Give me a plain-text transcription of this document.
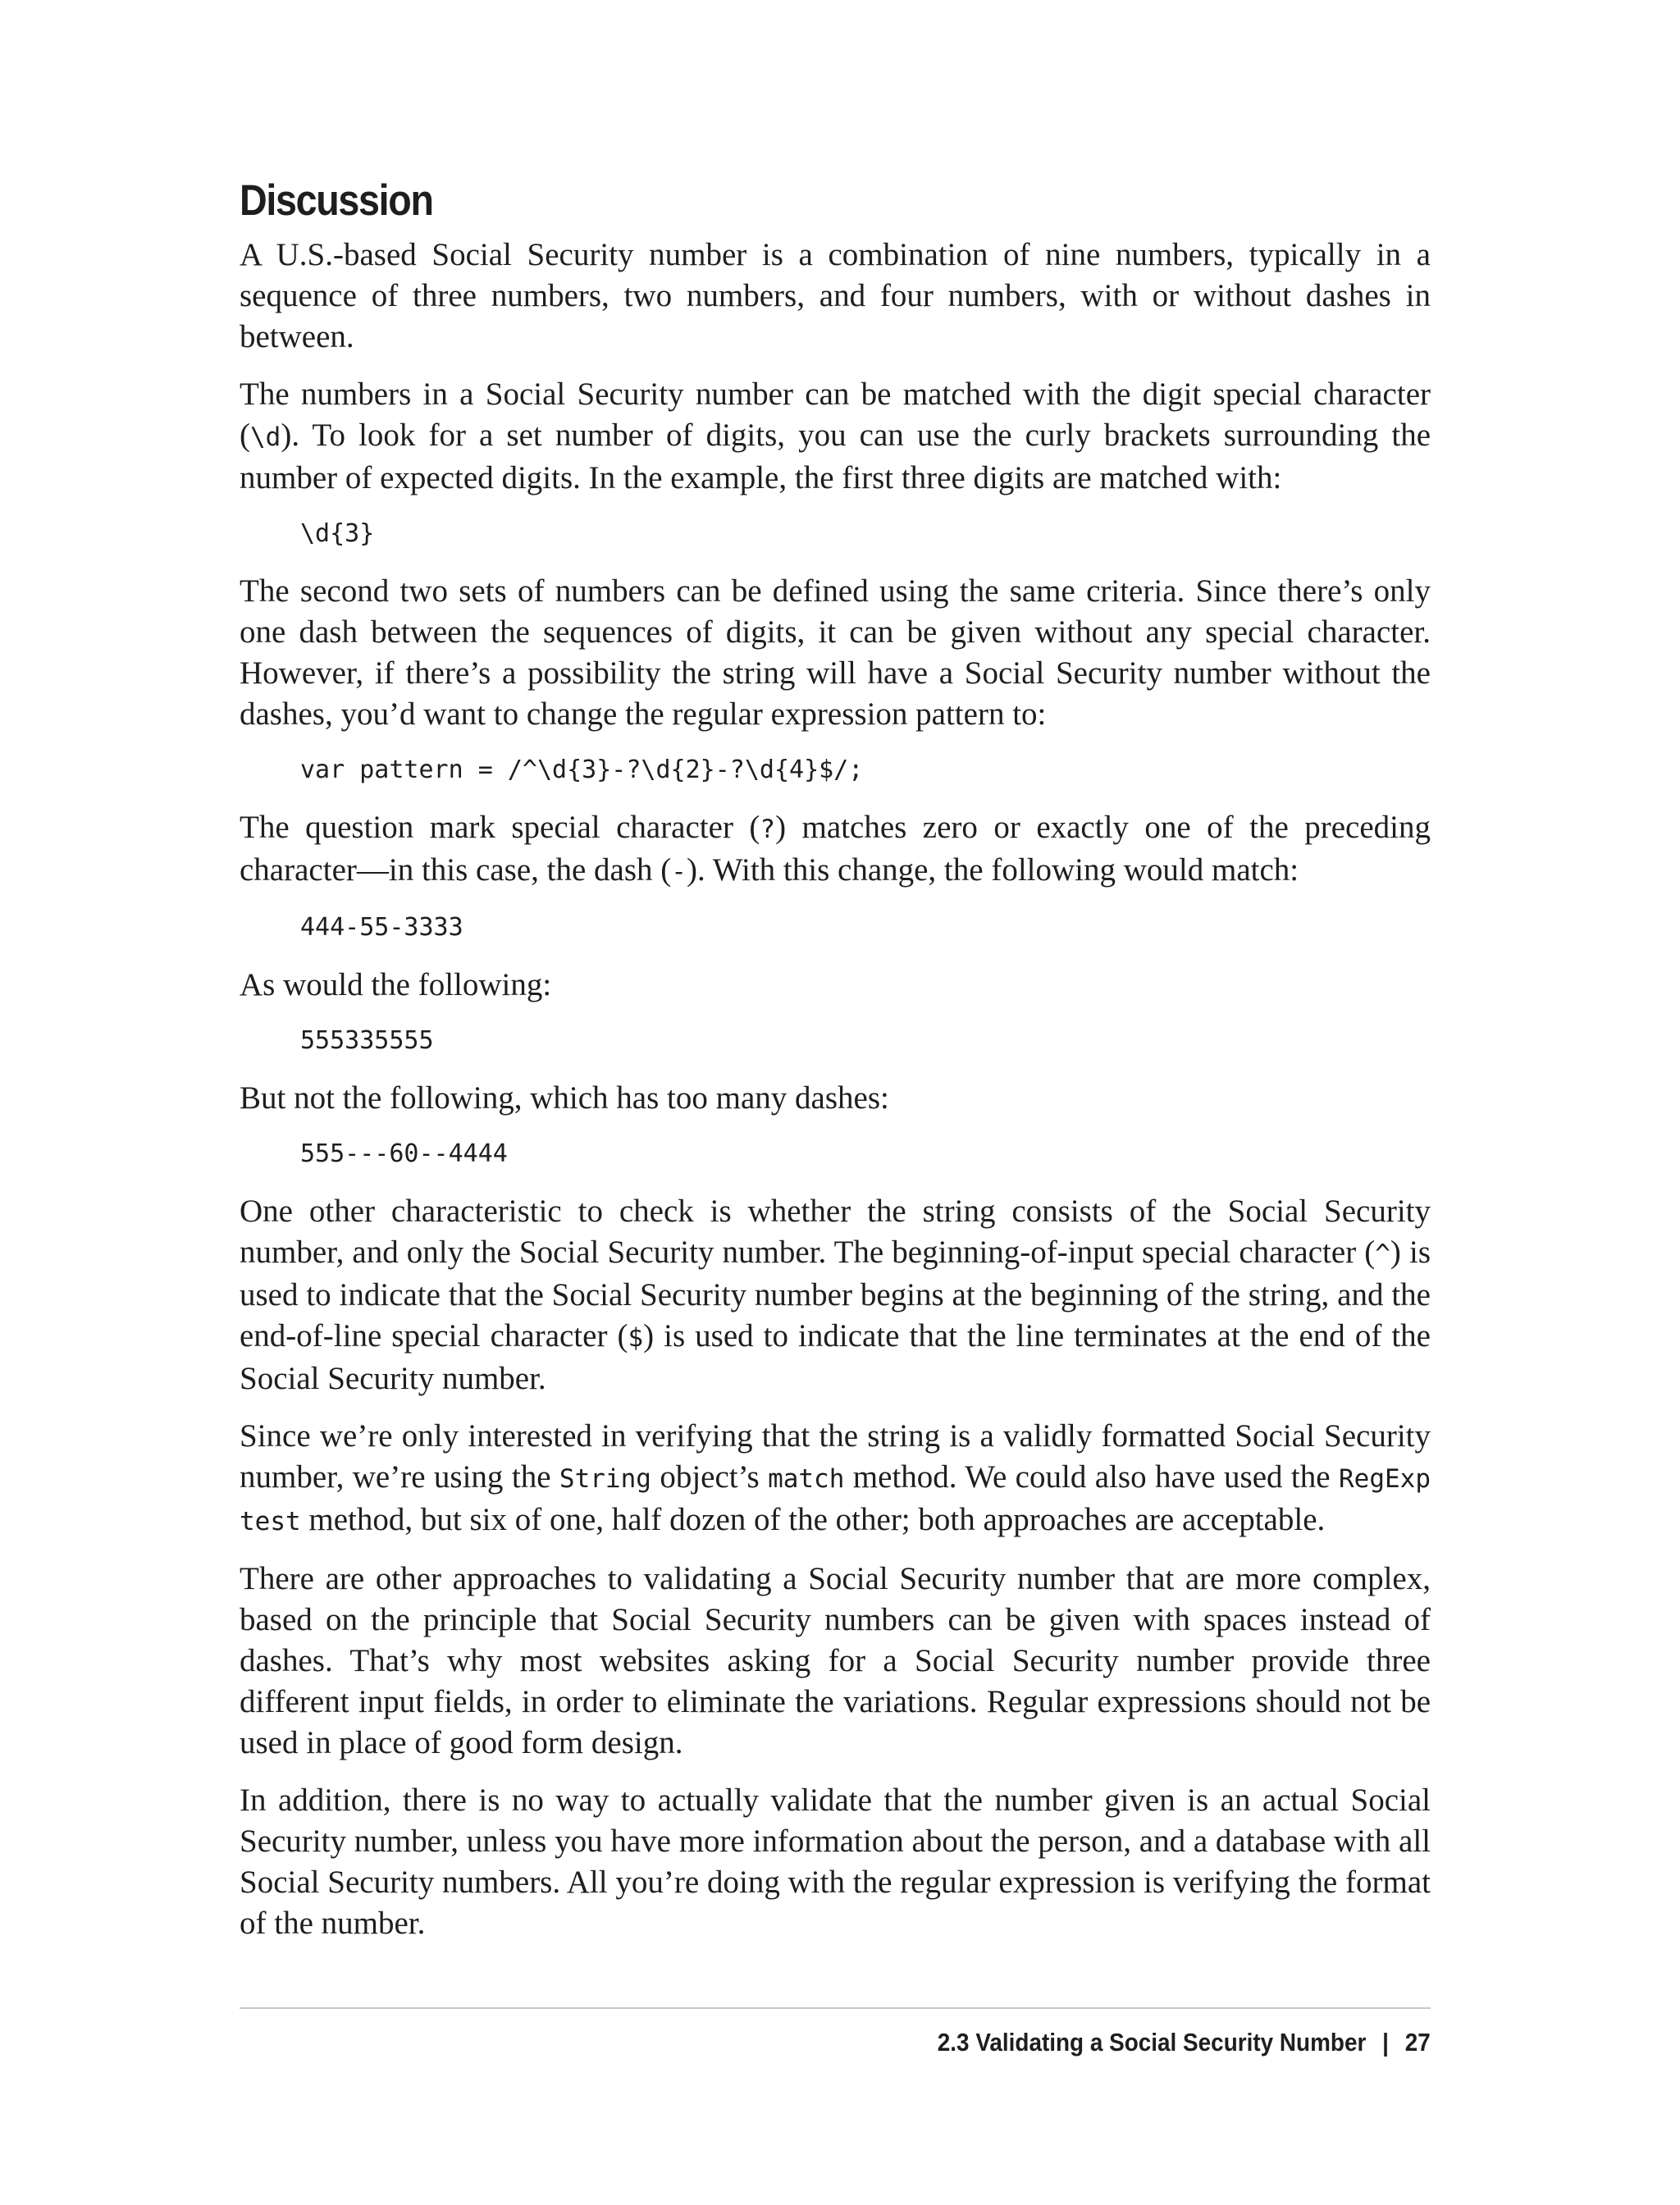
Discussion

A U.S.-based Social Security number is a combination of nine numbers, typically in a sequence of three numbers, two numbers, and four numbers, with or without dashes in between.

The numbers in a Social Security number can be matched with the digit special character (\d). To look for a set number of digits, you can use the curly brackets surrounding the number of expected digits. In the example, the first three digits are matched with:

\d{3}

The second two sets of numbers can be defined using the same criteria. Since there’s only one dash between the sequences of digits, it can be given without any special character. However, if there’s a possibility the string will have a Social Security number without the dashes, you’d want to change the regular expression pattern to:

var pattern = /^\d{3}-?\d{2}-?\d{4}$/;

The question mark special character (?) matches zero or exactly one of the preceding character—in this case, the dash (-). With this change, the following would match:

444-55-3333

As would the following:

555335555

But not the following, which has too many dashes:

555---60--4444

One other characteristic to check is whether the string consists of the Social Security number, and only the Social Security number. The beginning-of-input special character (^) is used to indicate that the Social Security number begins at the beginning of the string, and the end-of-line special character ($) is used to indicate that the line terminates at the end of the Social Security number.

Since we’re only interested in verifying that the string is a validly formatted Social Security number, we’re using the String object’s match method. We could also have used the RegExp test method, but six of one, half dozen of the other; both approaches are acceptable.

There are other approaches to validating a Social Security number that are more complex, based on the principle that Social Security numbers can be given with spaces instead of dashes. That’s why most websites asking for a Social Security number provide three different input fields, in order to eliminate the variations. Regular expressions should not be used in place of good form design.

In addition, there is no way to actually validate that the number given is an actual Social Security number, unless you have more information about the person, and a database with all Social Security numbers. All you’re doing with the regular expression is verifying the format of the number.

2.3 Validating a Social Security Number | 27
